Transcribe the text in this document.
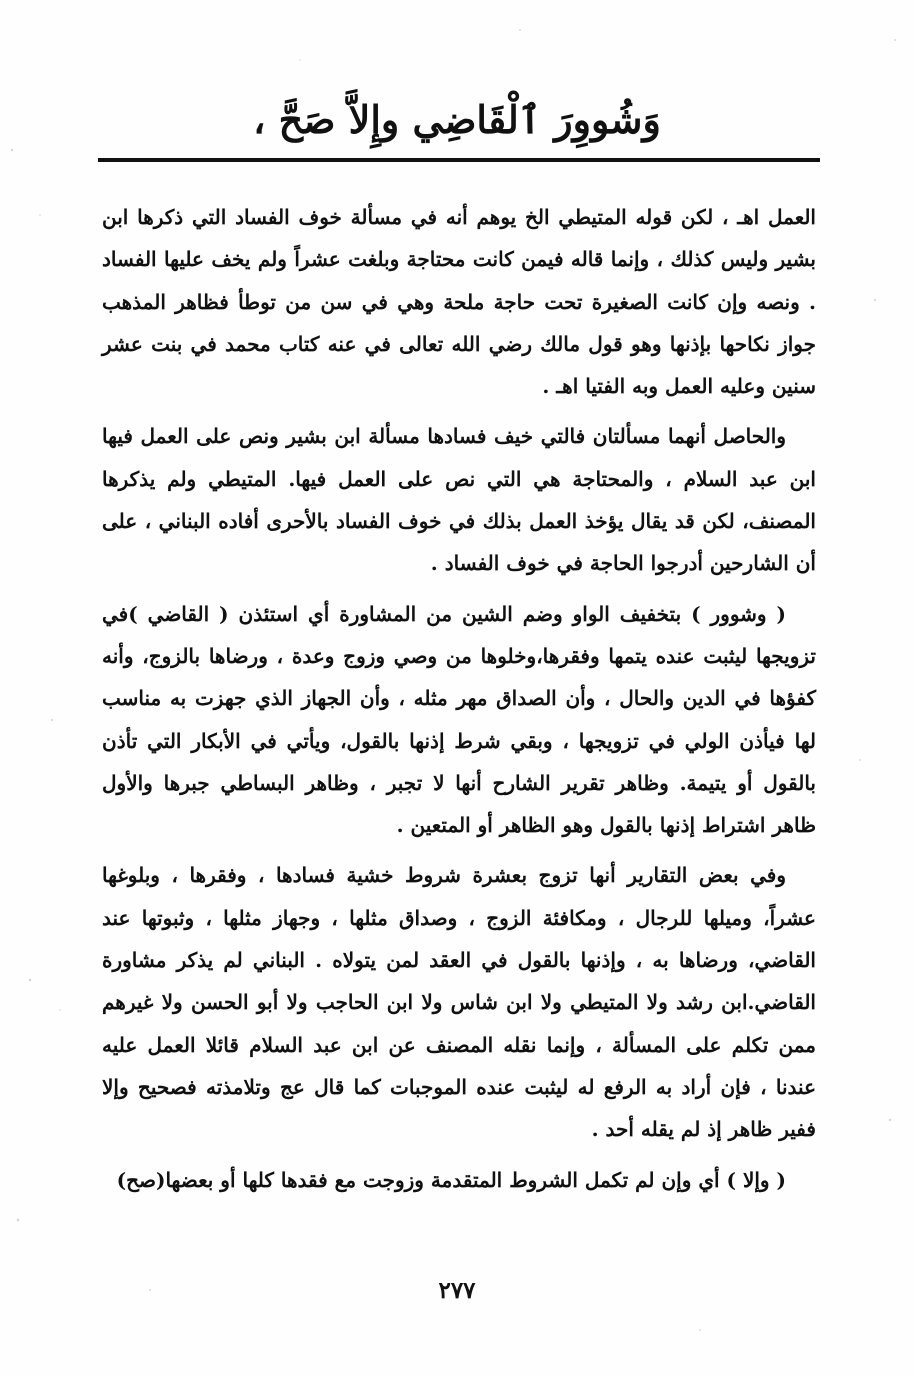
وَشُووِرَ ٱلْقَاضِي وإِلاَّ صَحَّ ،

العمل اهـ ، لكن قوله المتيطي الخ يوهم أنه في مسألة خوف الفساد التي ذكرها ابن بشير وليس كذلك ، وإنما قاله فيمن كانت محتاجة وبلغت عشراً ولم يخف عليها الفساد . ونصه وإن كانت الصغيرة تحت حاجة ملحة وهي في سن من توطأ فظاهر المذهب جواز نكاحها بإذنها وهو قول مالك رضي الله تعالى في عنه كتاب محمد في بنت عشر سنين وعليه العمل وبه الفتيا اهـ .

والحاصل أنهما مسألتان فالتي خيف فسادها مسألة ابن بشير ونص على العمل فيها ابن عبد السلام ، والمحتاجة هي التي نص على العمل فيها. المتيطي ولم يذكرها المصنف، لكن قد يقال يؤخذ العمل بذلك في خوف الفساد بالأحرى أفاده البناني ، على أن الشارحين أدرجوا الحاجة في خوف الفساد .

( وشوور ) بتخفيف الواو وضم الشين من المشاورة أي استئذن ( القاضي )في تزويجها ليثبت عنده يتمها وفقرها،وخلوها من وصي وزوج وعدة ، ورضاها بالزوج، وأنه كفؤها في الدين والحال ، وأن الصداق مهر مثله ، وأن الجهاز الذي جهزت به مناسب لها فيأذن الولي في تزويجها ، وبقي شرط إذنها بالقول، ويأتي في الأبكار التي تأذن بالقول أو يتيمة. وظاهر تقرير الشارح أنها لا تجبر ، وظاهر البساطي جبرها والأول ظاهر اشتراط إذنها بالقول وهو الظاهر أو المتعين .

وفي بعض التقارير أنها تزوج بعشرة شروط خشية فسادها ، وفقرها ، وبلوغها عشراً، وميلها للرجال ، ومكافئة الزوج ، وصداق مثلها ، وجهاز مثلها ، وثبوتها عند القاضي، ورضاها به ، وإذنها بالقول في العقد لمن يتولاه . البناني لم يذكر مشاورة القاضي.ابن رشد ولا المتيطي ولا ابن شاس ولا ابن الحاجب ولا أبو الحسن ولا غيرهم ممن تكلم على المسألة ، وإنما نقله المصنف عن ابن عبد السلام قائلا العمل عليه عندنا ، فإن أراد به الرفع له ليثبت عنده الموجبات كما قال عج وتلامذته فصحيح وإلا ففير ظاهر إذ لم يقله أحد .

( وإلا ) أي وإن لم تكمل الشروط المتقدمة وزوجت مع فقدها كلها أو بعضها(صح)

٢٧٧
